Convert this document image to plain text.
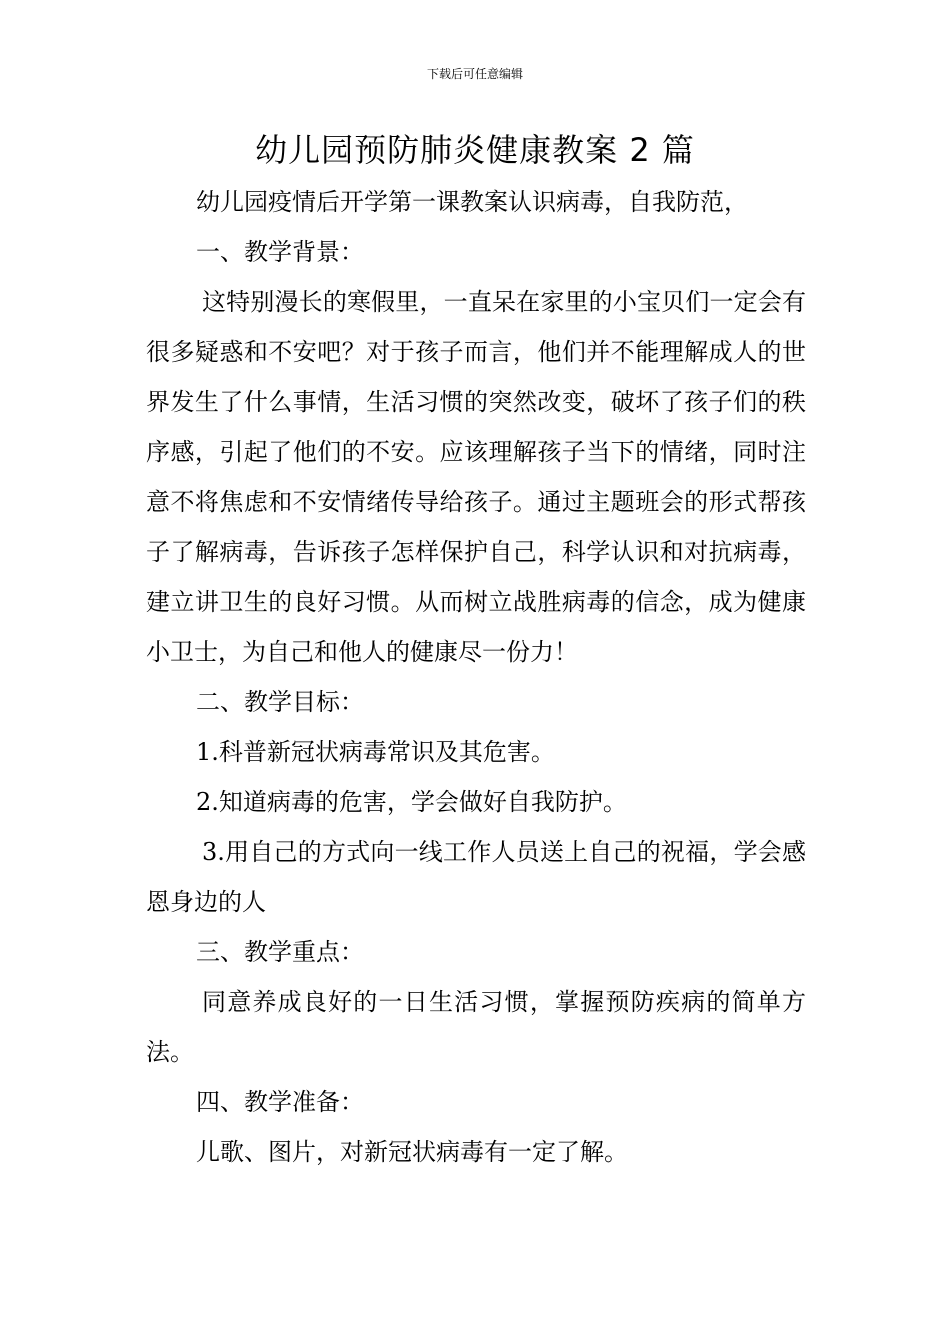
下载后可任意编辑
幼儿园预防肺炎健康教案 2 篇

幼儿园疫情后开学第一课教案认识病毒，自我防范，

一、教学背景：

这特别漫长的寒假里，一直呆在家里的小宝贝们一定会有很多疑惑和不安吧？对于孩子而言，他们并不能理解成人的世界发生了什么事情，生活习惯的突然改变，破坏了孩子们的秩序感，引起了他们的不安。应该理解孩子当下的情绪，同时注意不将焦虑和不安情绪传导给孩子。通过主题班会的形式帮孩子了解病毒，告诉孩子怎样保护自己，科学认识和对抗病毒，建立讲卫生的良好习惯。从而树立战胜病毒的信念，成为健康小卫士，为自己和他人的健康尽一份力！

二、教学目标：

1.科普新冠状病毒常识及其危害。

2.知道病毒的危害，学会做好自我防护。

3.用自己的方式向一线工作人员送上自己的祝福，学会感恩身边的人

三、教学重点：

同意养成良好的一日生活习惯，掌握预防疾病的简单方法。

四、教学准备：

儿歌、图片，对新冠状病毒有一定了解。
